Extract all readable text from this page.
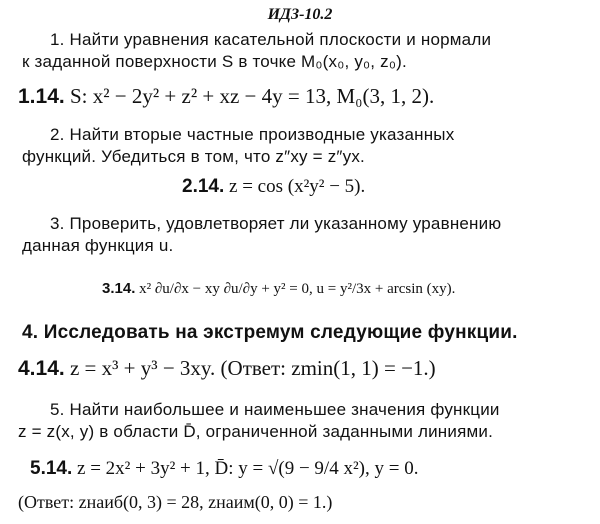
ИДЗ-10.2
1. Найти уравнения касательной плоскости и нормали
к заданной поверхности S в точке M₀(x₀, y₀, z₀).
1.14. S: x² − 2y² + z² + xz − 4y = 13, M₀(3, 1, 2).
2. Найти вторые частные производные указанных
функций. Убедиться в том, что z″xy = z″yx.
2.14. z = cos (x²y² − 5).
3. Проверить, удовлетворяет ли указанному уравнению
данная функция u.
3.14. x² ∂u/∂x − xy ∂u/∂y + y² = 0, u = y²/3x + arcsin (xy).
4. Исследовать на экстремум следующие функции.
4.14. z = x³ + y³ − 3xy. (Ответ: zmin(1, 1) = −1.)
5. Найти наибольшее и наименьшее значения функции
z = z(x, y) в области D̄, ограниченной заданными линиями.
5.14. z = 2x² + 3y² + 1, D̄: y = √(9 − 9/4 x²), y = 0.
(Ответ: zнаиб(0, 3) = 28, zнаим(0, 0) = 1.)
